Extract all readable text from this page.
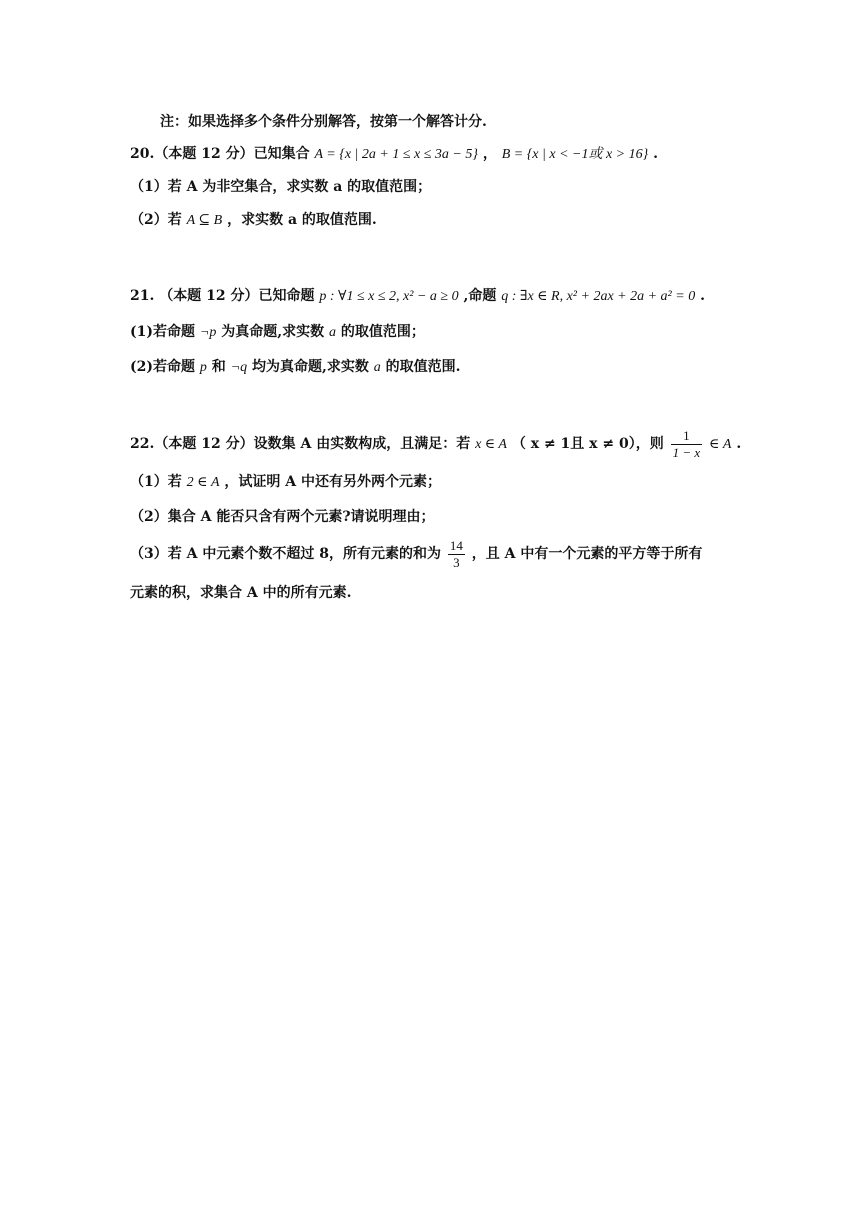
注：如果选择多个条件分别解答，按第一个解答计分.
20.（本题 12 分）已知集合 A = {x | 2a + 1 ≤ x ≤ 3a − 5} ， B = {x | x < −1或 x > 16} .
（1）若 A 为非空集合，求实数 a 的取值范围；
（2）若 A ⊆ B ，求实数 a 的取值范围.
21. （本题 12 分）已知命题 p : ∀1 ≤ x ≤ 2, x² − a ≥ 0 ,命题 q : ∃x ∈ R, x² + 2ax + 2a + a² = 0 .
(1)若命题 ¬p 为真命题,求实数 a 的取值范围；
(2)若命题 p 和 ¬q 均为真命题,求实数 a 的取值范围.
22.（本题 12 分）设数集 A 由实数构成，且满足：若 x ∈ A （ x ≠ 1且 x ≠ 0），则 $\frac{1}{1 - x}$ ∈ A .
（1）若 2 ∈ A ，试证明 A 中还有另外两个元素；
（2）集合 A 能否只含有两个元素?请说明理由；
（3）若 A 中元素个数不超过 8，所有元素的和为 $\frac{14}{3}$ ，且 A 中有一个元素的平方等于所有
元素的积，求集合 A 中的所有元素.
